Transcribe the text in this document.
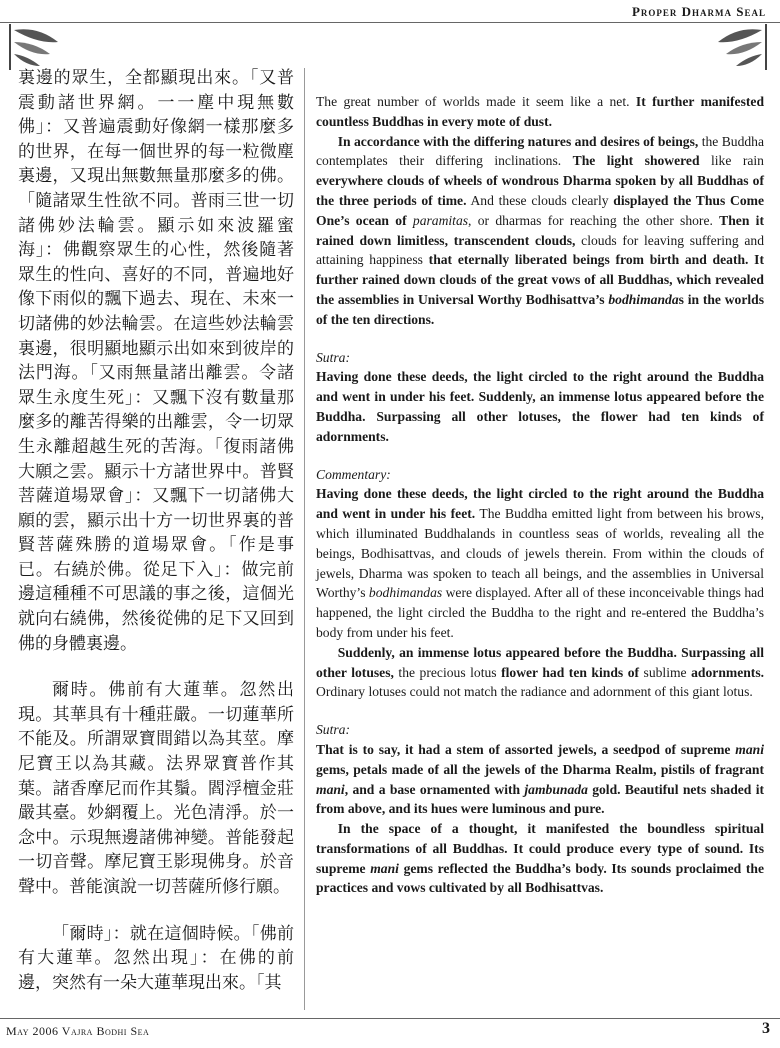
Proper Dharma Seal

裏邊的眾生，全都顯現出來。「又普震動諸世界網。一一塵中現無數佛」：又普遍震動好像網一樣那麼多的世界，在每一個世界的每一粒微塵裏邊，又現出無數無量那麼多的佛。「隨諸眾生性欲不同。普雨三世一切諸佛妙法輪雲。顯示如來波羅蜜海」：佛觀察眾生的心性，然後隨著眾生的性向、喜好的不同，普遍地好像下雨似的飄下過去、現在、未來一切諸佛的妙法輪雲。在這些妙法輪雲裏邊，很明顯地顯示出如來到彼岸的法門海。「又雨無量諸出離雲。令諸眾生永度生死」：又飄下沒有數量那麼多的離苦得樂的出離雲，令一切眾生永離超越生死的苦海。「復雨諸佛大願之雲。顯示十方諸世界中。普賢菩薩道場眾會」：又飄下一切諸佛大願的雲，顯示出十方一切世界裏的普賢菩薩殊勝的道場眾會。「作是事已。右繞於佛。從足下入」：做完前邊這種種不可思議的事之後，這個光就向右繞佛，然後從佛的足下又回到佛的身體裏邊。

爾時。佛前有大蓮華。忽然出現。其華具有十種莊嚴。一切蓮華所不能及。所謂眾寶間錯以為其莖。摩尼寶王以為其藏。法界眾寶普作其葉。諸香摩尼而作其鬚。閻浮檀金莊嚴其臺。妙網覆上。光色清淨。於一念中。示現無邊諸佛神變。普能發起一切音聲。摩尼寶王影現佛身。於音聲中。普能演說一切菩薩所修行願。

「爾時」：就在這個時候。「佛前有大蓮華。忽然出現」：在佛的前邊，突然有一朵大蓮華現出來。「其

The great number of worlds made it seem like a net. It further manifested countless Buddhas in every mote of dust.

In accordance with the differing natures and desires of beings, the Buddha contemplates their differing inclinations. The light showered like rain everywhere clouds of wheels of wondrous Dharma spoken by all Buddhas of the three periods of time. And these clouds clearly displayed the Thus Come One’s ocean of paramitas, or dharmas for reaching the other shore. Then it rained down limitless, transcendent clouds, clouds for leaving suffering and attaining happiness that eternally liberated beings from birth and death. It further rained down clouds of the great vows of all Buddhas, which revealed the assemblies in Universal Worthy Bodhisattva’s bodhimandas in the worlds of the ten directions.

Sutra:

Having done these deeds, the light circled to the right around the Buddha and went in under his feet. Suddenly, an immense lotus appeared before the Buddha. Surpassing all other lotuses, the flower had ten kinds of adornments.

Commentary:

Having done these deeds, the light circled to the right around the Buddha and went in under his feet. The Buddha emitted light from between his brows, which illuminated Buddhalands in countless seas of worlds, revealing all the beings, Bodhisattvas, and clouds of jewels therein. From within the clouds of jewels, Dharma was spoken to teach all beings, and the assemblies in Universal Worthy’s bodhimandas were displayed. After all of these inconceivable things had happened, the light circled the Buddha to the right and re-entered the Buddha’s body from under his feet.

Suddenly, an immense lotus appeared before the Buddha. Surpassing all other lotuses, the precious lotus flower had ten kinds of sublime adornments. Ordinary lotuses could not match the radiance and adornment of this giant lotus.

Sutra:

That is to say, it had a stem of assorted jewels, a seedpod of supreme mani gems, petals made of all the jewels of the Dharma Realm, pistils of fragrant mani, and a base ornamented with jambunada gold. Beautiful nets shaded it from above, and its hues were luminous and pure.

In the space of a thought, it manifested the boundless spiritual transformations of all Buddhas. It could produce every type of sound. Its supreme mani gems reflected the Buddha’s body. Its sounds proclaimed the practices and vows cultivated by all Bodhisattvas.

May 2006 Vajra Bodhi Sea	3
